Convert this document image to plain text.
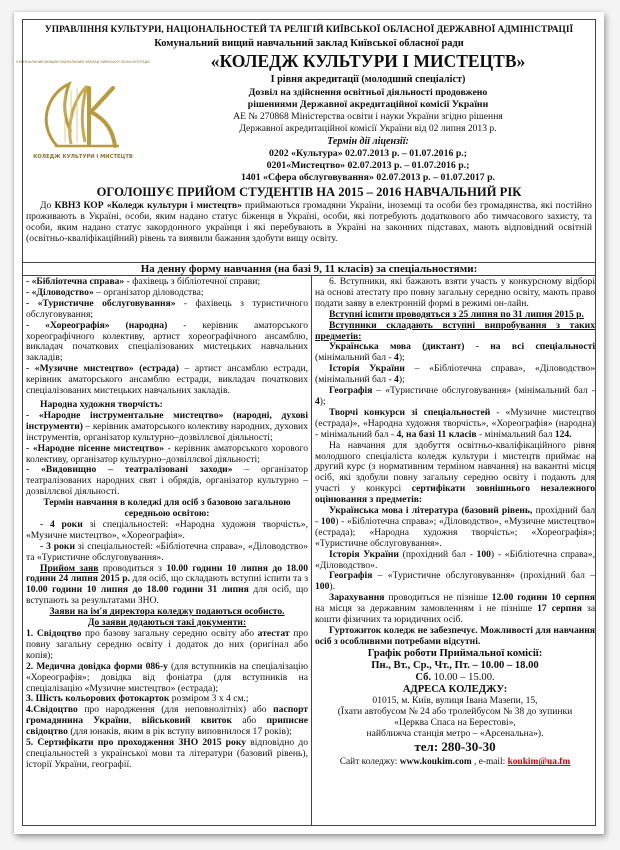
УПРАВЛІННЯ КУЛЬТУРИ, НАЦІОНАЛЬНОСТЕЙ ТА РЕЛІГІЙ КИЇВСЬКОЇ ОБЛАСНОЇ ДЕРЖАВНОЇ АДМІНІСТРАЦІЇ
Комунальний вищий навчальний заклад Київської обласної ради
КОМУНАЛЬНИЙ ВИЩИЙ НАВЧАЛЬНИЙ ЗАКЛАД КИЇВСЬКОЇ ОБЛАСНОЇ РАДИ
КОЛЕДЖ КУЛЬТУРИ І МИСТЕЦТВ
«КОЛЕДЖ КУЛЬТУРИ І МИСТЕЦТВ»
І рівня акредитації (молодший спеціаліст)
Дозвіл на здійснення освітньої діяльності продовжено
рішеннями Державної акредитаційної комісії України
АЕ № 270868 Міністерства освіти і науки України згідно рішення
Державної акредитаційної комісії України від 02 липня 2013 р.
Термін дії ліцензії:
0202 «Культура» 02.07.2013 р. – 01.07.2016 р.;
0201«Мистецтво» 02.07.2013 р. – 01.07.2016 р.;
1401 «Сфера обслуговування» 02.07.2013 р. – 01.07.2017 р.
ОГОЛОШУЄ ПРИЙОМ СТУДЕНТІВ НА 2015 – 2016 НАВЧАЛЬНИЙ РІК

До КВНЗ КОР «Коледж культури і мистецтв» приймаються громадяни України, іноземці та особи без громадянства, які постійно проживають в Україні, особи, яким надано статус біженця в Україні, особи, які потребують додаткового або тимчасового захисту, та особи, яким надано статус закордонного українця і які перебувають в Україні на законних підставах, мають відповідний освітній (освітньо-кваліфікаційний) рівень та виявили бажання здобути вищу освіту.

На денну форму навчання (на базі 9, 11 класів) за спеціальностями:

- «Бібліотечна справа» - фахівець з бібліотечної справи;

- «Діловодство» – організатор діловодства;

- «Туристичне обслуговування» - фахівець з туристичного обслуговування;

- «Хореографія» (народна) - керівник аматорського хореографічного колективу, артист хореографічного ансамблю, викладач початкових спеціалізованих мистецьких навчальних закладів;

- «Музичне мистецтво» (естрада) – артист ансамблю естради, керівник аматорського ансамблю естради, викладач початкових спеціалізованих мистецьких навчальних закладів.

Народна художня творчість:

- «Народне інструментальне мистецтво» (народні, духові інструменти) – керівник аматорського колективу народних, духових інструментів, організатор культурно–дозвіллєвої діяльності;

- «Народне пісенне мистецтво» - керівник аматорського хорового колективу, організатор культурно–дозвіллєвої діяльності;

- «Видовищно – театралізовані заходи» – організатор театралізованих народних свят і обрядів, організатор культурно – дозвіллєвої діяльності.

Термін навчання в коледжі для осіб з базовою загальною середньою освітою:

- 4 роки зі спеціальностей: «Народна художня творчість», «Музичне мистецтво», «Хореографія».

- 3 роки зі спеціальностей: «Бібліотечна справа», «Діловодство» та «Туристичне обслуговування».

Прийом заяв проводиться з 10.00 години 10 липня до 18.00 години 24 липня 2015 р. для осіб, що складають вступні іспити та з 10.00 години 10 липня до 18.00 години 31 липня для осіб, що вступають за результатами ЗНО.

Заяви на ім'я директора коледжу подаються особисто.

До заяви додаються такі документи:

1. Свідоцтво про базову загальну середню освіту або атестат про повну загальну середню освіту і додаток до них (оригінал або копія);

2. Медична довідка форми 086-у (для вступників на спеціалізацію «Хореографія»; довідка від фоніатра (для вступників на спеціалізацію «Музичне мистецтво» (естрада);

3. Шість кольорових фотокарток розміром 3 х 4 см.;

4.Свідоцтво про народження (для неповнолітніх) або паспорт громадянина України, військовий квиток або приписне свідоцтво (для юнаків, яким в рік вступу виповнилося 17 років);

5. Сертифікати про проходження ЗНО 2015 року відповідно до спеціальностей з української мови та літератури (базовий рівень), історії України, географії.

6. Вступники, які бажають взяти участь у конкурсному відборі на основі атестату про повну загальну середню освіту, мають право подати заяву в електронній формі в режимі он-лайн.

Вступні іспити проводяться з 25 липня по 31 липня 2015 р.

Вступники складають вступні випробування з таких предметів:

Українська мова (диктант) - на всі спеціальності (мінімальний бал - 4);

Історія України – «Бібліотечна справа», «Діловодство» (мінімальний бал - 4);

Географія – «Туристичне обслуговування» (мінімальний бал - 4);

Творчі конкурси зі спеціальностей - «Музичне мистецтво (естрада)», «Народна художня творчість», «Хореографія» (народна) - мінімальний бал - 4, на базі 11 класів - мінімальний бал 124.

На навчання для здобуття освітньо-кваліфікаційного рівня молодшого спеціаліста коледж культури і мистецтв приймає на другий курс (з нормативним терміном навчання) на вакантні місця осіб, які здобули повну загальну середню освіту і подають для участі у конкурсі сертифікати зовнішнього незалежного оцінювання з предметів:

Українська мова і література (базовий рівень, прохідний бал - 100) - «Бібліотечна справа»; «Діловодство», «Музичне мистецтво» (естрада); «Народна художня творчість»; «Хореографія»; «Туристичне обслуговування».

Історія України (прохідний бал - 100) - «Бібліотечна справа», «Діловодство».

Географія – «Туристичне обслуговування» (прохідний бал – 100).

Зарахування проводиться не пізніше 12.00 години 10 серпня на місця за державним замовленням і не пізніше 17 серпня за кошти фізичних та юридичних осіб.

Гуртожиток коледж не забезпечує. Можливості для навчання осіб з особливими потребами відсутні.

Графік роботи Приймальної комісії:

Пн., Вт., Ср., Чт., Пт. – 10.00 – 18.00

Сб. 10.00 – 15.00.

АДРЕСА КОЛЕДЖУ:

01015, м. Київ, вулиця Івана Мазепи, 15,

(Їхати автобусом № 24 або тролейбусом № 38 до зупинки

«Церква Спаса на Берестові»,

найближча станція метро – «Арсенальна»).

тел: 280-30-30

Сайт коледжу: www.koukim.com , e-mail: koukim@ua.fm
